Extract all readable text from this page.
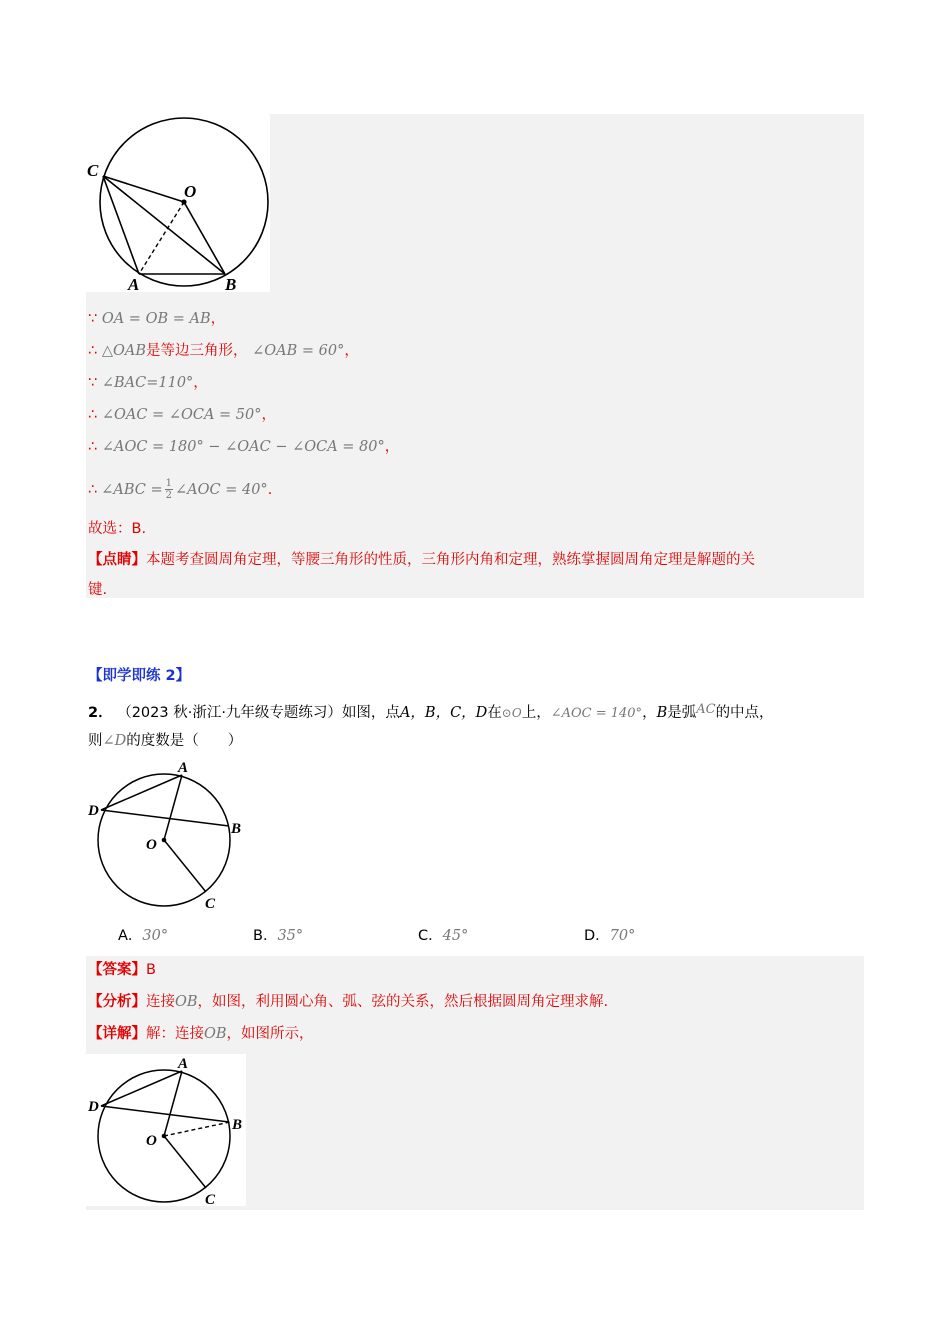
C
O
A	B
∵ OA = OB = AB，
∴ △OAB是等边三角形， ∠OAB = 60°，
∵ ∠BAC=110°，
∴ ∠OAC = ∠OCA = 50°，
∴ ∠AOC = 180° − ∠OAC − ∠OCA = 80°，
∴ ∠ABC = $\frac{1}{2}$ ∠AOC = 40° .
故选：B.
【点睛】本题考查圆周角定理，等腰三角形的性质，三角形内角和定理，熟练掌握圆周角定理是解题的关
键.
【即学即练 2】
2． （2023 秋·浙江·九年级专题练习）如图，点A，B，C，D在⊙O上，∠AOC = 140°，B是弧AC的中点，
则∠D的度数是（　　）
A
D
B
O
C
A．30°	B．35°	C．45°	D．70°
【答案】B
【分析】连接OB，如图，利用圆心角、弧、弦的关系，然后根据圆周角定理求解.
【详解】解：连接OB，如图所示，
A
D
B
O
C
